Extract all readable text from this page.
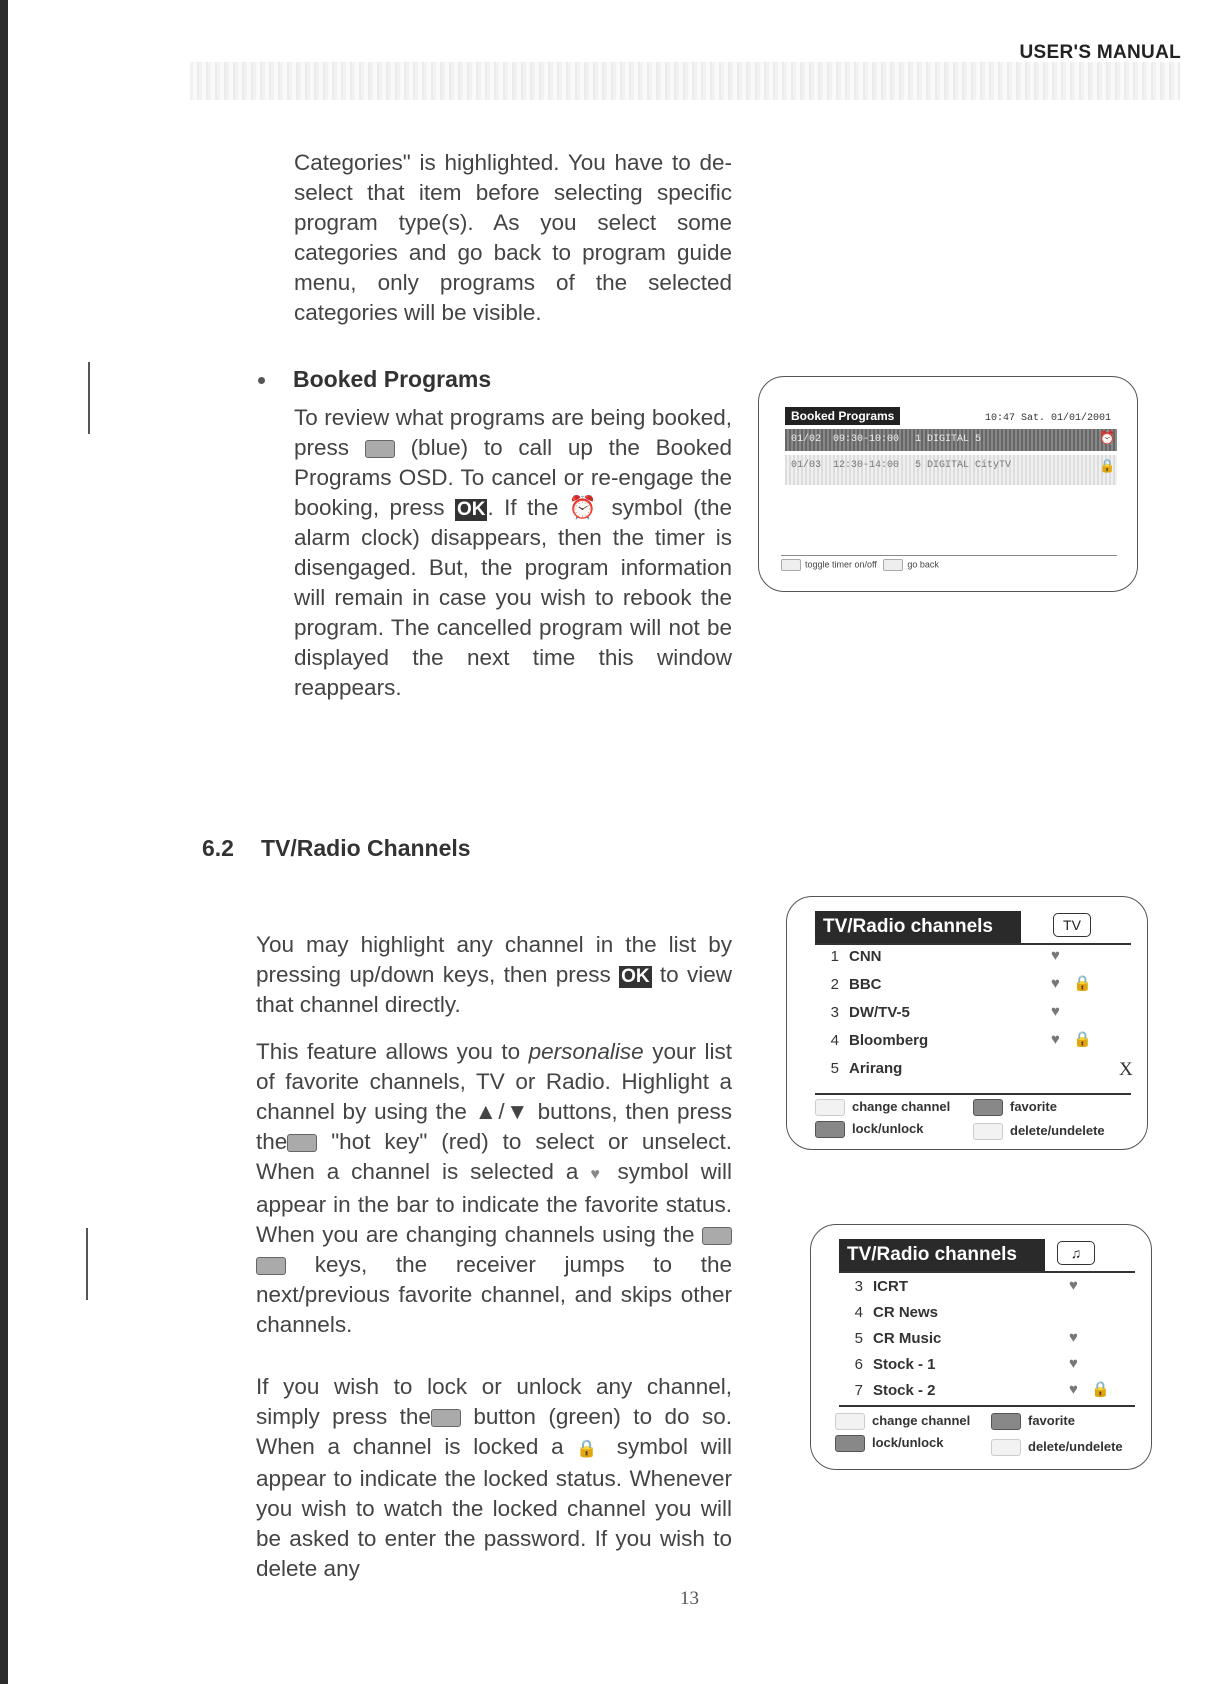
USER'S MANUAL

Categories" is highlighted. You have to de-select that item before selecting specific program type(s). As you select some categories and go back to program guide menu, only programs of the selected categories will be visible.

Booked Programs

To review what programs are being booked, press	(blue) to call up the Booked Programs OSD. To cancel or re-engage the booking, press OK. If the ⏰ symbol (the alarm clock) disappears, then the timer is disengaged. But, the program information will remain in case you wish to rebook the program. The cancelled program will not be displayed the next time this window reappears.

Booked Programs	10:47 Sat. 01/01/2001
01/02 09:30-10:00 1 DIGITAL 5	⏰
01/03 12:30-14:00 5 DIGITAL CityTV	🔒
toggle timer on/off	go back
6.2 TV/Radio Channels

You may highlight any channel in the list by pressing up/down keys, then press OK to view that channel directly.

This feature allows you to personalise your list of favorite channels, TV or Radio. Highlight a channel by using the ▲/▼ buttons, then press the "hot key" (red) to select or unselect. When a channel is selected a ♥ symbol will appear in the bar to indicate the favorite status. When you are changing channels using the   keys, the receiver jumps to the next/previous favorite channel, and skips other channels.

If you wish to lock or unlock any channel, simply press the button (green) to do so. When a channel is locked a 🔒 symbol will appear to indicate the locked status. Whenever you wish to watch the locked channel you will be asked to enter the password. If you wish to delete any

TV/Radio channels	TV
1 CNN	♥
2 BBC	♥ 🔒
3 DW/TV-5	♥
4 Bloomberg	♥ 🔒
5 Arirang	X
change channel	favorite
lock/unlock	delete/undelete
TV/Radio channels	♫
3 ICRT	♥
4 CR News
5 CR Music	♥
6 Stock - 1	♥
7 Stock - 2	♥ 🔒
change channel	favorite
lock/unlock	delete/undelete
13
